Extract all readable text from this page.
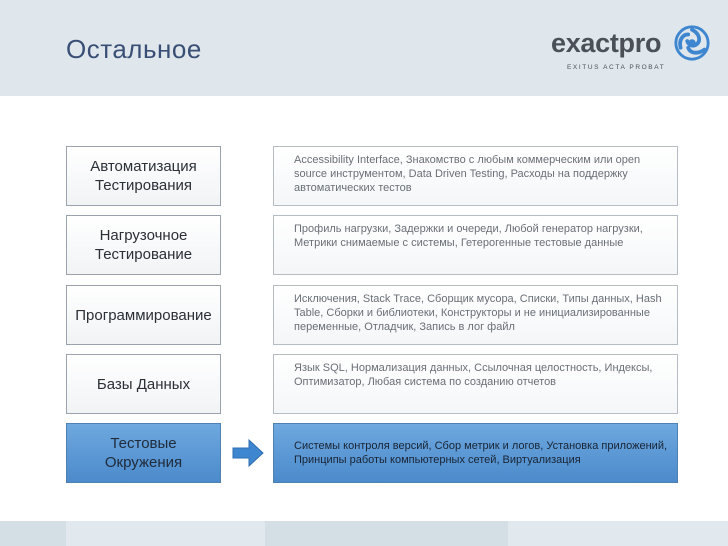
Остальное	exactpro
EXITUS ACTA PROBAT
Автоматизация
Тестирования
Accessibility Interface, Знакомство с любым коммерческим или open source инструментом, Data Driven Testing, Расходы на поддержку автоматических тестов
Нагрузочное
Тестирование
Профиль нагрузки, Задержки и очереди, Любой генератор нагрузки, Метрики снимаемые с системы, Гетерогенные тестовые данные
Программирование
Исключения, Stack Trace, Сборщик мусора, Списки, Типы данных, Hash Table, Сборки и библиотеки, Конструкторы и не инициализированные переменные, Отладчик, Запись в лог файл
Базы Данных
Язык SQL, Нормализация данных, Ссылочная целостность, Индексы, Оптимизатор, Любая система по созданию отчетов
Тестовые
Окружения
Системы контроля версий, Сбор метрик и логов, Установка приложений, Принципы работы компьютерных сетей, Виртуализация
